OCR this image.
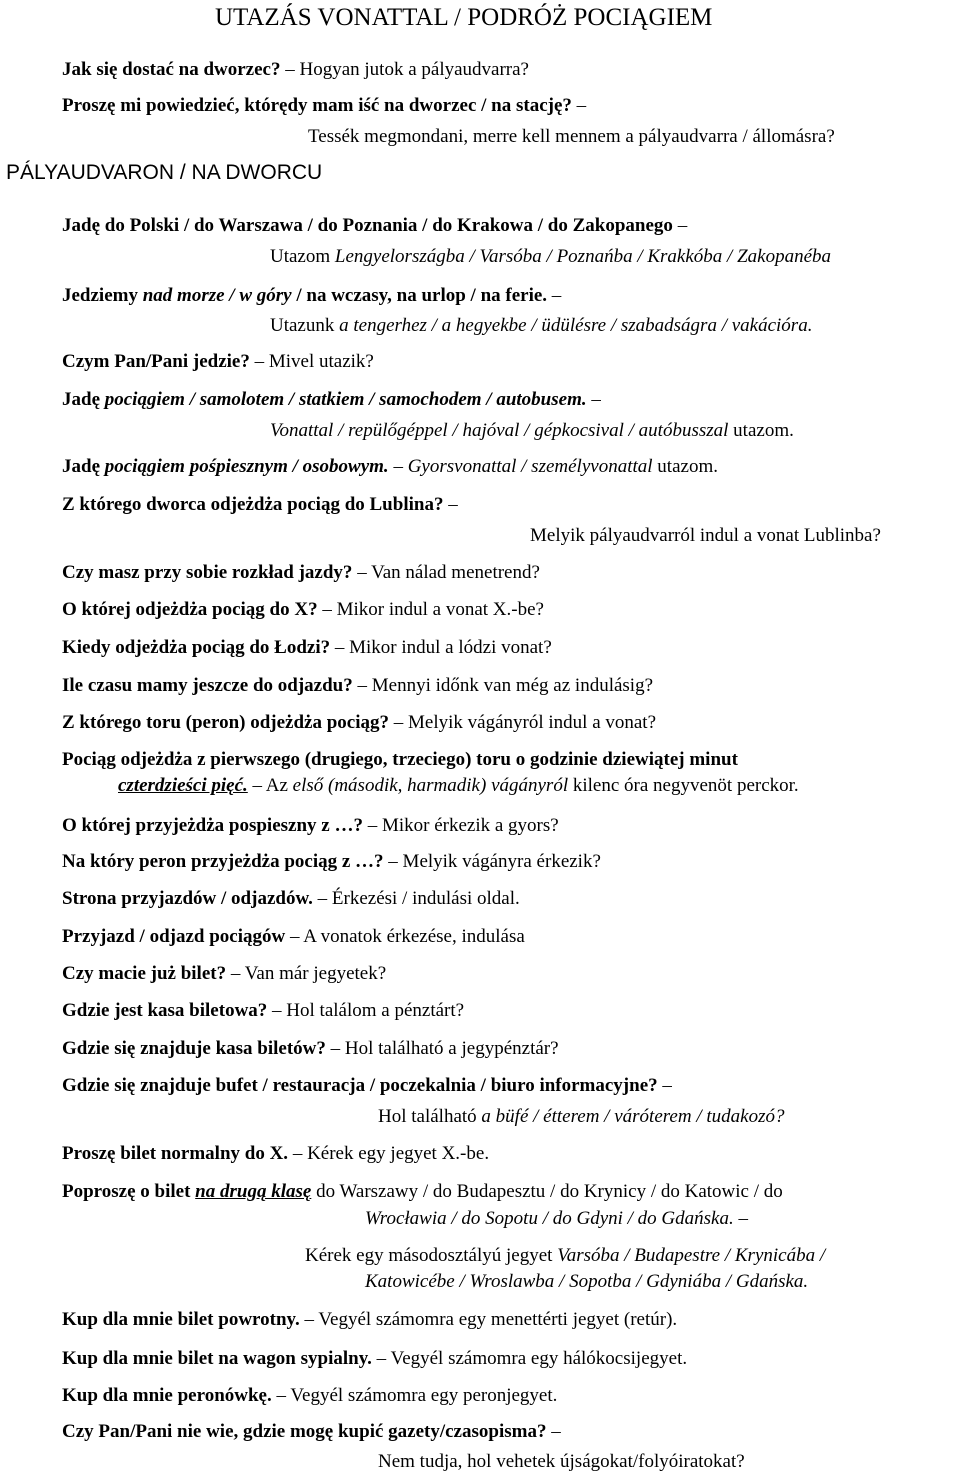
UTAZÁS VONATTAL / PODRÓŻ POCIĄGIEM
Jak się dostać na dworzec? – Hogyan jutok a pályaudvarra?
Proszę mi powiedzieć, którędy mam iść na dworzec / na stację? –
Tessék megmondani, merre kell mennem a pályaudvarra / állomásra?
PÁLYAUDVARON / NA DWORCU
Jadę do Polski / do Warszawa / do Poznania / do Krakowa / do Zakopanego –
Utazom Lengyelországba / Varsóba / Poznańba / Krakkóba / Zakopanéba
Jedziemy nad morze / w góry / na wczasy, na urlop / na ferie. –
Utazunk a tengerhez / a hegyekbe / üdülésre / szabadságra / vakációra.
Czym Pan/Pani jedzie? – Mivel utazik?
Jadę pociągiem / samolotem / statkiem / samochodem / autobusem. –
Vonattal / repülőgéppel / hajóval / gépkocsival / autóbusszal utazom.
Jadę pociągiem pośpiesznym / osobowym. – Gyorsvonattal / személyvonattal utazom.
Z którego dworca odjeżdża pociąg do Lublina? –
Melyik pályaudvarról indul a vonat Lublinba?
Czy masz przy sobie rozkład jazdy? – Van nálad menetrend?
O której odjeżdża pociąg do X? – Mikor indul a vonat X.-be?
Kiedy odjeżdża pociąg do Łodzi? – Mikor indul a lódzi vonat?
Ile czasu mamy jeszcze do odjazdu? – Mennyi időnk van még az indulásig?
Z którego toru (peron) odjeżdża pociąg? – Melyik vágányról indul a vonat?
Pociąg odjeżdża z pierwszego (drugiego, trzeciego) toru o godzinie dziewiątej minut
czterdzieści pięć. – Az első (második, harmadik) vágányról kilenc óra negyvenöt perckor.
O której przyjeżdża pospieszny z …? – Mikor érkezik a gyors?
Na który peron przyjeżdża pociąg z …? – Melyik vágányra érkezik?
Strona przyjazdów / odjazdów. – Érkezési / indulási oldal.
Przyjazd / odjazd pociągów – A vonatok érkezése, indulása
Czy macie już bilet? – Van már jegyetek?
Gdzie jest kasa biletowa? – Hol találom a pénztárt?
Gdzie się znajduje kasa biletów? – Hol található a jegypénztár?
Gdzie się znajduje bufet / restauracja / poczekalnia / biuro informacyjne? –
Hol található a büfé / étterem / váróterem / tudakozó?
Proszę bilet normalny do X. – Kérek egy jegyet X.-be.
Poproszę o bilet na drugą klasę do Warszawy / do Budapesztu / do Krynicy / do Katowic / do
Wrocławia / do Sopotu / do Gdyni / do Gdańska. –
Kérek egy másodosztályú jegyet Varsóba / Budapestre / Krynicába /
Katowicébe / Wroslawba / Sopotba / Gdyniába / Gdańska.
Kup dla mnie bilet powrotny. – Vegyél számomra egy menettérti jegyet (retúr).
Kup dla mnie bilet na wagon sypialny. – Vegyél számomra egy hálókocsijegyet.
Kup dla mnie peronówkę. – Vegyél számomra egy peronjegyet.
Czy Pan/Pani nie wie, gdzie mogę kupić gazety/czasopisma? –
Nem tudja, hol vehetek újságokat/folyóiratokat?
